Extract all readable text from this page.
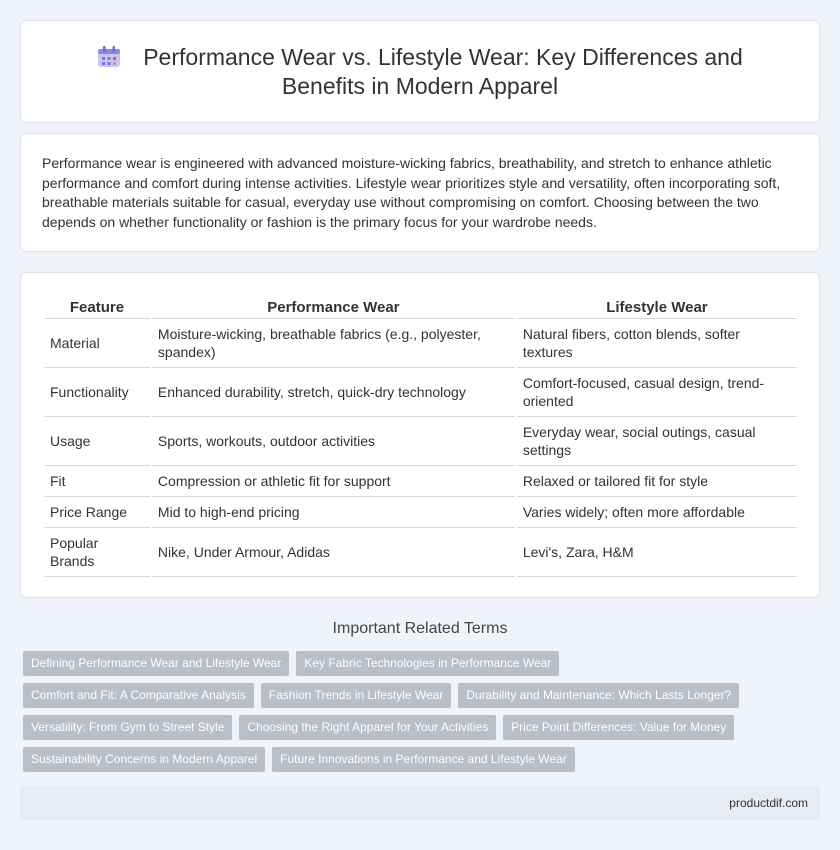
Performance Wear vs. Lifestyle Wear: Key Differences and
Benefits in Modern Apparel

Performance wear is engineered with advanced moisture-wicking fabrics, breathability, and stretch to enhance athletic performance and comfort during intense activities. Lifestyle wear prioritizes style and versatility, often incorporating soft, breathable materials suitable for casual, everyday use without compromising on comfort. Choosing between the two depends on whether functionality or fashion is the primary focus for your wardrobe needs.

Feature	Performance Wear	Lifestyle Wear
Material	Moisture-wicking, breathable fabrics (e.g., polyester, spandex)	Natural fibers, cotton blends, softer textures
Functionality	Enhanced durability, stretch, quick-dry technology	Comfort-focused, casual design, trend-oriented
Usage	Sports, workouts, outdoor activities	Everyday wear, social outings, casual settings
Fit	Compression or athletic fit for support	Relaxed or tailored fit for style
Price Range	Mid to high-end pricing	Varies widely; often more affordable
Popular Brands	Nike, Under Armour, Adidas	Levi's, Zara, H&M
Important Related Terms
Defining Performance Wear and Lifestyle Wear	Key Fabric Technologies in Performance Wear
Comfort and Fit: A Comparative Analysis	Fashion Trends in Lifestyle Wear	Durability and Maintenance: Which Lasts Longer?
Versatility: From Gym to Street Style	Choosing the Right Apparel for Your Activities	Price Point Differences: Value for Money
Sustainability Concerns in Modern Apparel	Future Innovations in Performance and Lifestyle Wear
productdif.com
